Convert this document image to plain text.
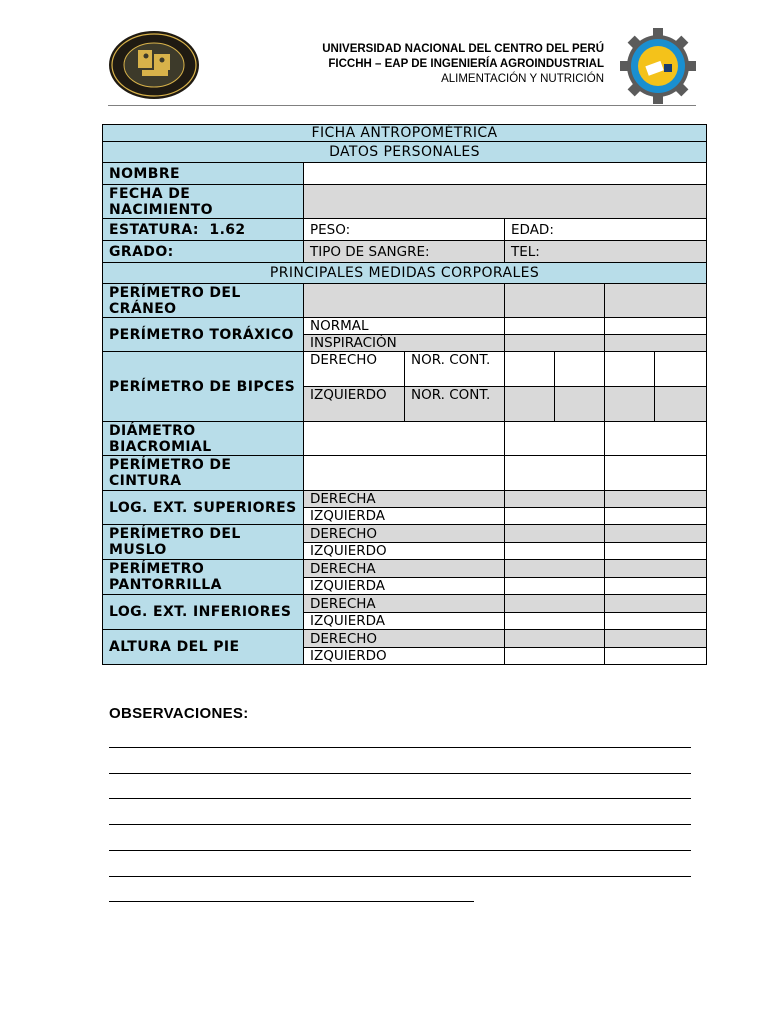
UNIVERSIDAD NACIONAL DEL CENTRO DEL PERÚ
FICCHH – EAP DE INGENIERÍA AGROINDUSTRIAL
ALIMENTACIÓN Y NUTRICIÓN
FICHA ANTROPOMÉTRICA						
DATOS PERSONALES						
NOMBRE						
FECHA DE NACIMIENTO						
ESTATURA: 1.62	PESO:		EDAD:			
GRADO:	TIPO DE SANGRE:		TEL:			
PRINCIPALES MEDIDAS CORPORALES						
PERÍMETRO DEL CRÁNEO						
PERÍMETRO TORÁXICO	NORMAL					
	INSPIRACIÓN					
PERÍMETRO DE BIPCES	DERECHO	NOR. CONT.				
	IZQUIERDO	NOR. CONT.				
DIÁMETRO BIACROMIAL						
PERÍMETRO DE CINTURA						
LOG. EXT. SUPERIORES	DERECHA					
	IZQUIERDA					
PERÍMETRO DEL MUSLO	DERECHO					
	IZQUIERDO					
PERÍMETRO PANTORRILLA	DERECHA					
	IZQUIERDA					
LOG. EXT. INFERIORES	DERECHA					
	IZQUIERDA					
ALTURA DEL PIE	DERECHO					
	IZQUIERDO					
OBSERVACIONES:
